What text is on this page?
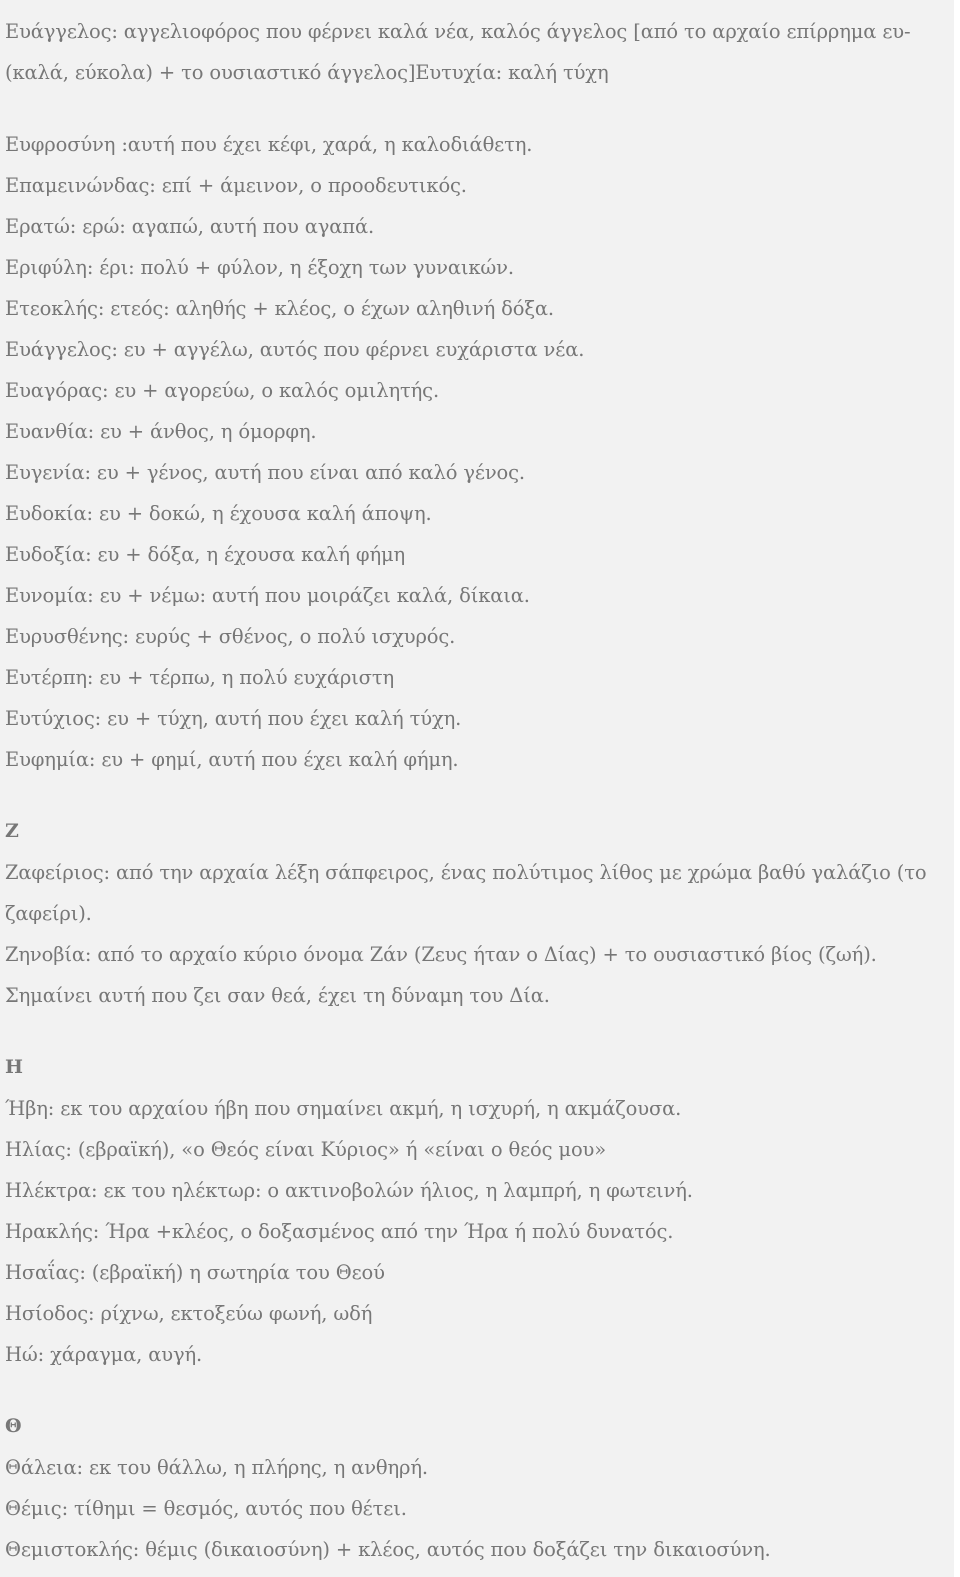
Ευάγγελος: αγγελιοφόρος που φέρνει καλά νέα, καλός άγγελος [από το αρχαίο επίρρημα ευ-
(καλά, εύκολα) + το ουσιαστικό άγγελος]Ευτυχία: καλή τύχη
Ευφροσύνη :αυτή που έχει κέφι, χαρά, η καλοδιάθετη.
Επαμεινώνδας: επί + άμεινον, ο προοδευτικός.
Ερατώ: ερώ: αγαπώ, αυτή που αγαπά.
Εριφύλη: έρι: πολύ + φύλον, η έξοχη των γυναικών.
Ετεοκλής: ετεός: αληθής + κλέος, ο έχων αληθινή δόξα.
Ευάγγελος: ευ + αγγέλω, αυτός που φέρνει ευχάριστα νέα.
Ευαγόρας: ευ + αγορεύω, ο καλός ομιλητής.
Ευανθία: ευ + άνθος, η όμορφη.
Ευγενία: ευ + γένος, αυτή που είναι από καλό γένος.
Ευδοκία: ευ + δοκώ, η έχουσα καλή άποψη.
Ευδοξία: ευ + δόξα, η έχουσα καλή φήμη
Ευνομία: ευ + νέμω: αυτή που μοιράζει καλά, δίκαια.
Ευρυσθένης: ευρύς + σθένος, ο πολύ ισχυρός.
Ευτέρπη: ευ + τέρπω, η πολύ ευχάριστη
Ευτύχιος: ευ + τύχη, αυτή που έχει καλή τύχη.
Ευφημία: ευ + φημί, αυτή που έχει καλή φήμη.
Ζ
Ζαφείριος: από την αρχαία λέξη σάπφειρος, ένας πολύτιμος λίθος με χρώμα βαθύ γαλάζιο (το
ζαφείρι).
Ζηνοβία: από το αρχαίο κύριο όνομα Ζάν (Ζευς ήταν ο Δίας) + το ουσιαστικό βίος (ζωή).
Σημαίνει αυτή που ζει σαν θεά, έχει τη δύναμη του Δία.
Η
Ήβη: εκ του αρχαίου ήβη που σημαίνει ακμή, η ισχυρή, η ακμάζουσα.
Ηλίας: (εβραϊκή), «ο Θεός είναι Κύριος» ή «είναι ο θεός μου»
Ηλέκτρα: εκ του ηλέκτωρ: ο ακτινοβολών ήλιος, η λαμπρή, η φωτεινή.
Ηρακλής: Ήρα +κλέος, ο δοξασμένος από την Ήρα ή πολύ δυνατός.
Ησαΐας: (εβραϊκή) η σωτηρία του Θεού
Ησίοδος: ρίχνω, εκτοξεύω φωνή, ωδή
Ηώ: χάραγμα, αυγή.
Θ
Θάλεια: εκ του θάλλω, η πλήρης, η ανθηρή.
Θέμις: τίθημι = θεσμός, αυτός που θέτει.
Θεμιστοκλής: θέμις (δικαιοσύνη) + κλέος, αυτός που δοξάζει την δικαιοσύνη.
